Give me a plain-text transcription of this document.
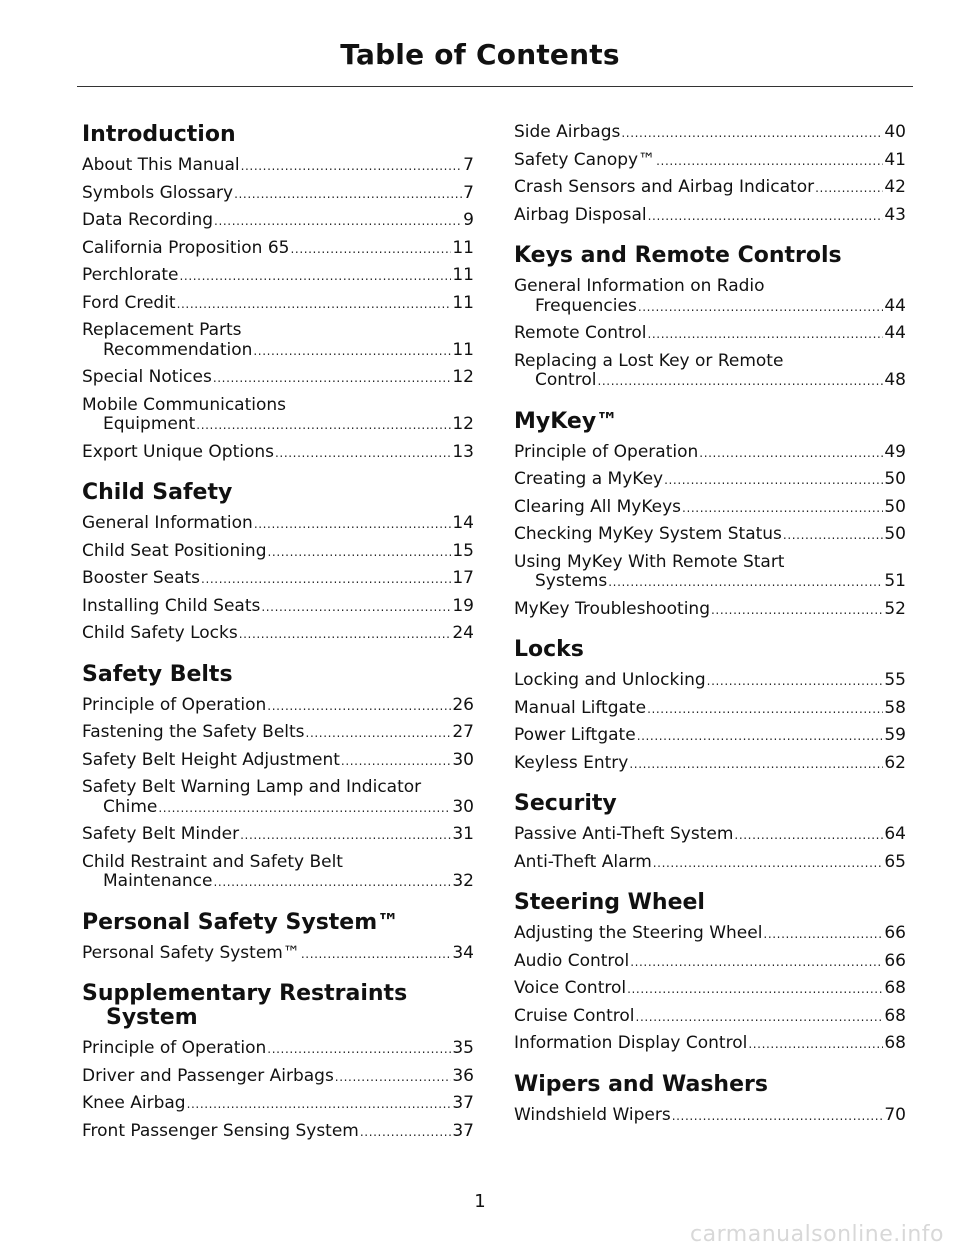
Table of Contents
Introduction
About This Manual .....	7
Symbols Glossary .....	7
Data Recording .....	9
California Proposition 65 .....	11
Perchlorate .....	11
Ford Credit .....	11
Replacement Parts
Recommendation .....	11
Special Notices .....	12
Mobile Communications
Equipment .....	12
Export Unique Options .....	13
Child Safety
General Information .....	14
Child Seat Positioning .....	15
Booster Seats .....	17
Installing Child Seats .....	19
Child Safety Locks .....	24
Safety Belts
Principle of Operation .....	26
Fastening the Safety Belts .....	27
Safety Belt Height Adjustment .....	30
Safety Belt Warning Lamp and Indicator
Chime .....	30
Safety Belt Minder .....	31
Child Restraint and Safety Belt
Maintenance .....	32
Personal Safety System™
Personal Safety System™ .....	34
Supplementary Restraints System
Principle of Operation .....	35
Driver and Passenger Airbags .....	36
Knee Airbag .....	37
Front Passenger Sensing System .....	37
Side Airbags .....	40
Safety Canopy™ .....	41
Crash Sensors and Airbag Indicator .....	42
Airbag Disposal .....	43
Keys and Remote Controls
General Information on Radio
Frequencies .....	44
Remote Control .....	44
Replacing a Lost Key or Remote
Control .....	48
MyKey™
Principle of Operation .....	49
Creating a MyKey .....	50
Clearing All MyKeys .....	50
Checking MyKey System Status .....	50
Using MyKey With Remote Start
Systems .....	51
MyKey Troubleshooting .....	52
Locks
Locking and Unlocking .....	55
Manual Liftgate .....	58
Power Liftgate .....	59
Keyless Entry .....	62
Security
Passive Anti-Theft System .....	64
Anti-Theft Alarm .....	65
Steering Wheel
Adjusting the Steering Wheel .....	66
Audio Control .....	66
Voice Control .....	68
Cruise Control .....	68
Information Display Control .....	68
Wipers and Washers
Windshield Wipers .....	70
1
carmanualsonline.info
